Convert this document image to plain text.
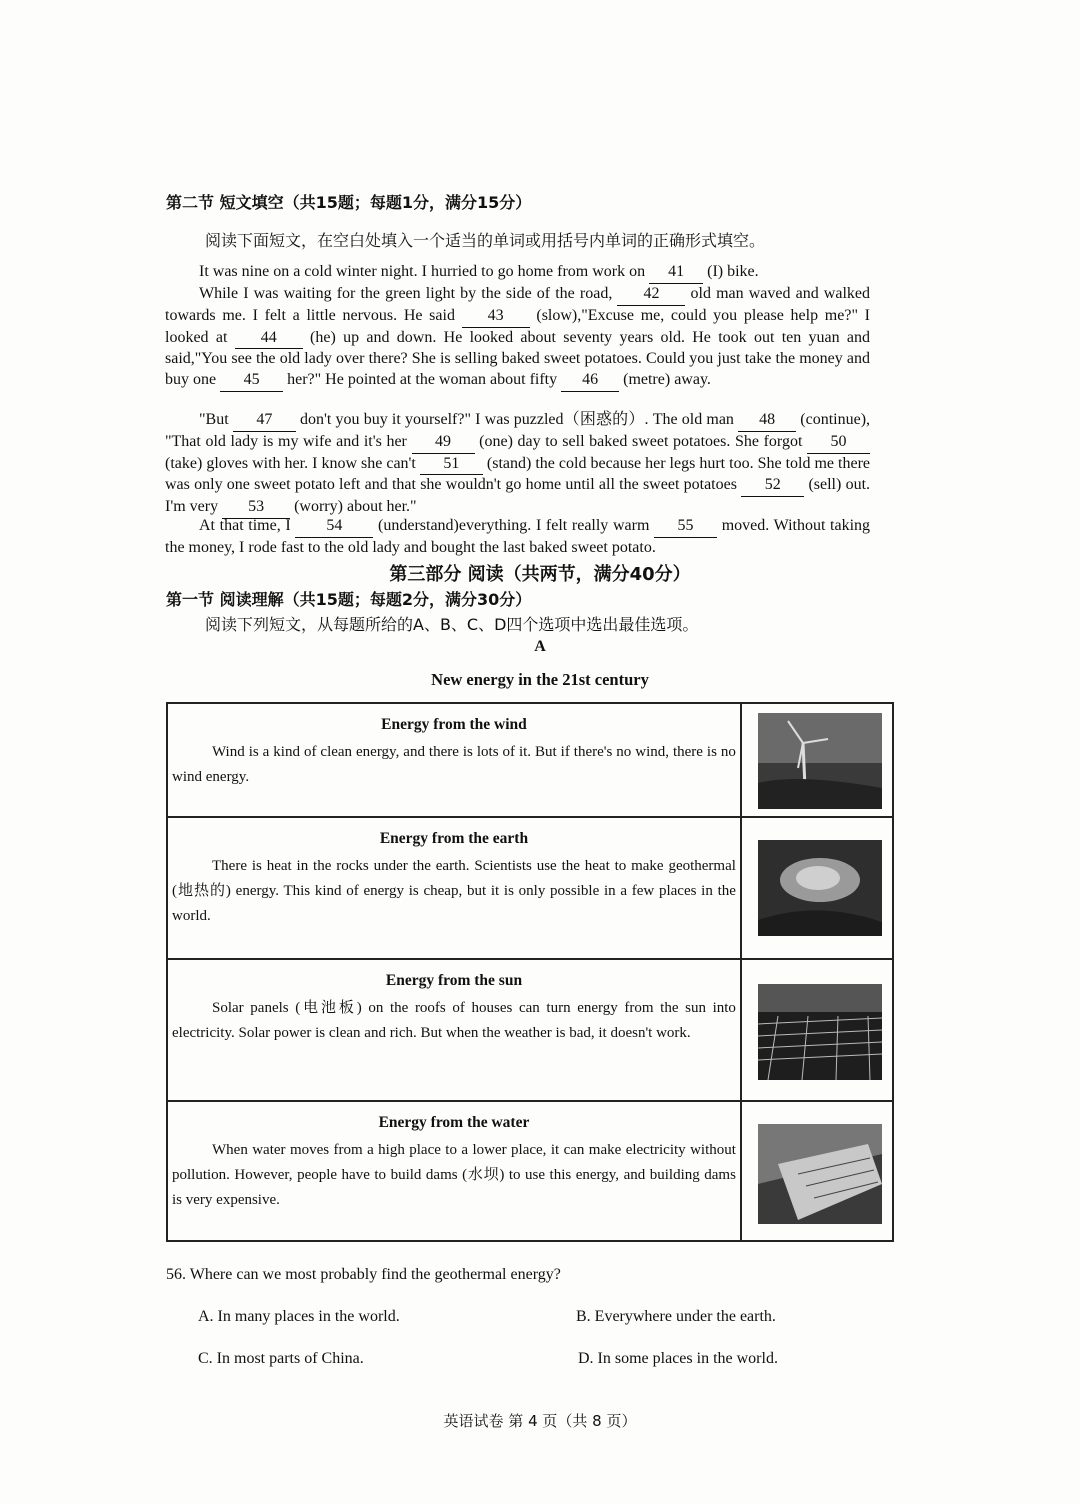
第二节 短文填空（共15题；每题1分，满分15分）
阅读下面短文，在空白处填入一个适当的单词或用括号内单词的正确形式填空。
It was nine on a cold winter night. I hurried to go home from work on 41 (I) bike.
While I was waiting for the green light by the side of the road, 42 old man waved and walked towards me. I felt a little nervous. He said 43 (slow),"Excuse me, could you please help me?" I looked at 44 (he) up and down. He looked about seventy years old. He took out ten yuan and said,"You see the old lady over there? She is selling baked sweet potatoes. Could you just take the money and buy one 45 her?" He pointed at the woman about fifty 46 (metre) away.
"But 47 don't you buy it yourself?" I was puzzled（困惑的）. The old man 48 (continue), "That old lady is my wife and it's her 49 (one) day to sell baked sweet potatoes. She forgot 50 (take) gloves with her. I know she can't 51 (stand) the cold because her legs hurt too. She told me there was only one sweet potato left and that she wouldn't go home until all the sweet potatoes 52 (sell) out. I'm very 53 (worry) about her."
At that time, I 54 (understand)everything. I felt really warm 55 moved. Without taking the money, I rode fast to the old lady and bought the last baked sweet potato.
第三部分 阅读（共两节，满分40分）
第一节 阅读理解（共15题；每题2分，满分30分）
阅读下列短文，从每题所给的A、B、C、D四个选项中选出最佳选项。
A
New energy in the 21st century
Energy from the wind
Wind is a kind of clean energy, and there is lots of it. But if there's no wind, there is no wind energy.

Energy from the earth
There is heat in the rocks under the earth. Scientists use the heat to make geothermal (地热的) energy. This kind of energy is cheap, but it is only possible in a few places in the world.

Energy from the sun
Solar panels (电池板) on the roofs of houses can turn energy from the sun into electricity. Solar power is clean and rich. But when the weather is bad, it doesn't work.

Energy from the water
When water moves from a high place to a lower place, it can make electricity without pollution. However, people have to build dams (水坝) to use this energy, and building dams is very expensive.

56. Where can we most probably find the geothermal energy?
A. In many places in the world.	B. Everywhere under the earth.
C. In most parts of China.	D. In some places in the world.
英语试卷 第 4 页（共 8 页）
